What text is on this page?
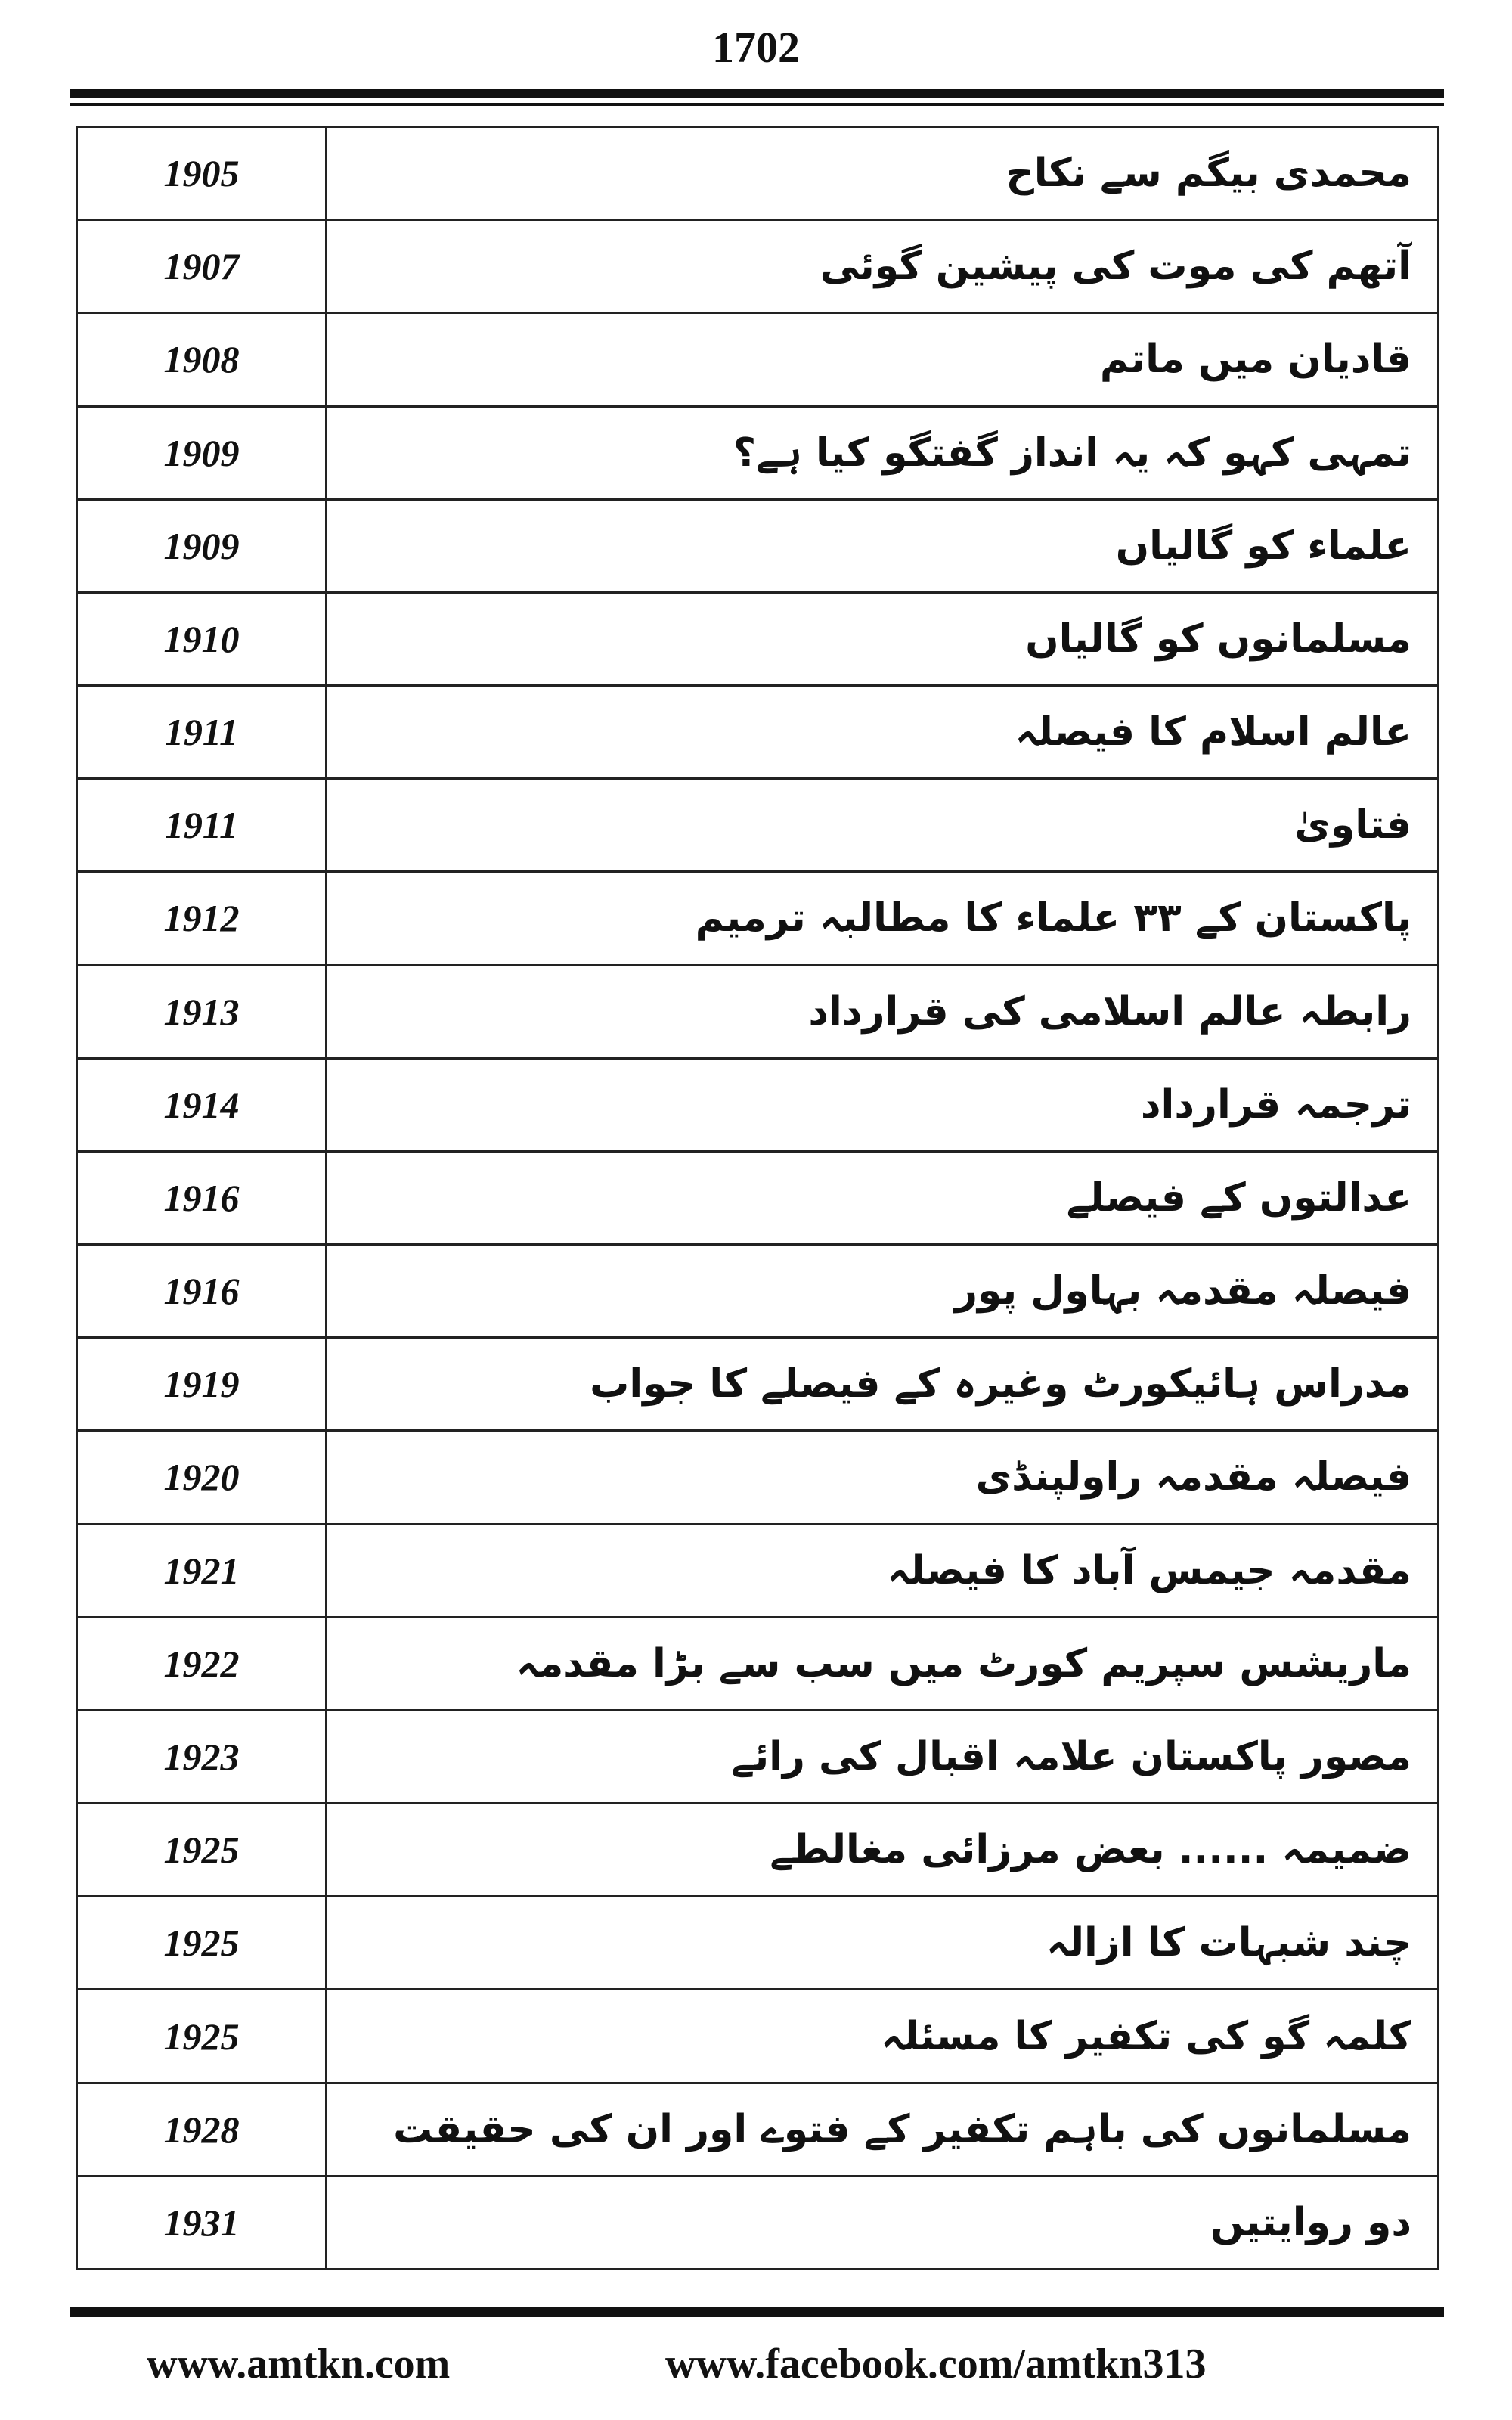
1702
1905	محمدی بیگم سے نکاح
1907	آتھم کی موت کی پیشین گوئی
1908	قادیان میں ماتم
1909	تمہی کہو کہ یہ انداز گفتگو کیا ہے؟
1909	علماء کو گالیاں
1910	مسلمانوں کو گالیاں
1911	عالم اسلام کا فیصلہ
1911	فتاویٰ
1912	پاکستان کے ۳۳ علماء کا مطالبہ ترمیم
1913	رابطہ عالم اسلامی کی قرارداد
1914	ترجمہ قرارداد
1916	عدالتوں کے فیصلے
1916	فیصلہ مقدمہ بہاول پور
1919	مدراس ہائیکورٹ وغیرہ کے فیصلے کا جواب
1920	فیصلہ مقدمہ راولپنڈی
1921	مقدمہ جیمس آباد کا فیصلہ
1922	ماریشس سپریم کورٹ میں سب سے بڑا مقدمہ
1923	مصور پاکستان علامہ اقبال کی رائے
1925	ضمیمہ ...... بعض مرزائی مغالطے
1925	چند شبہات کا ازالہ
1925	کلمہ گو کی تکفیر کا مسئلہ
1928	مسلمانوں کی باہم تکفیر کے فتوے اور ان کی حقیقت
1931	دو روایتیں
www.amtkn.com	www.facebook.com/amtkn313
